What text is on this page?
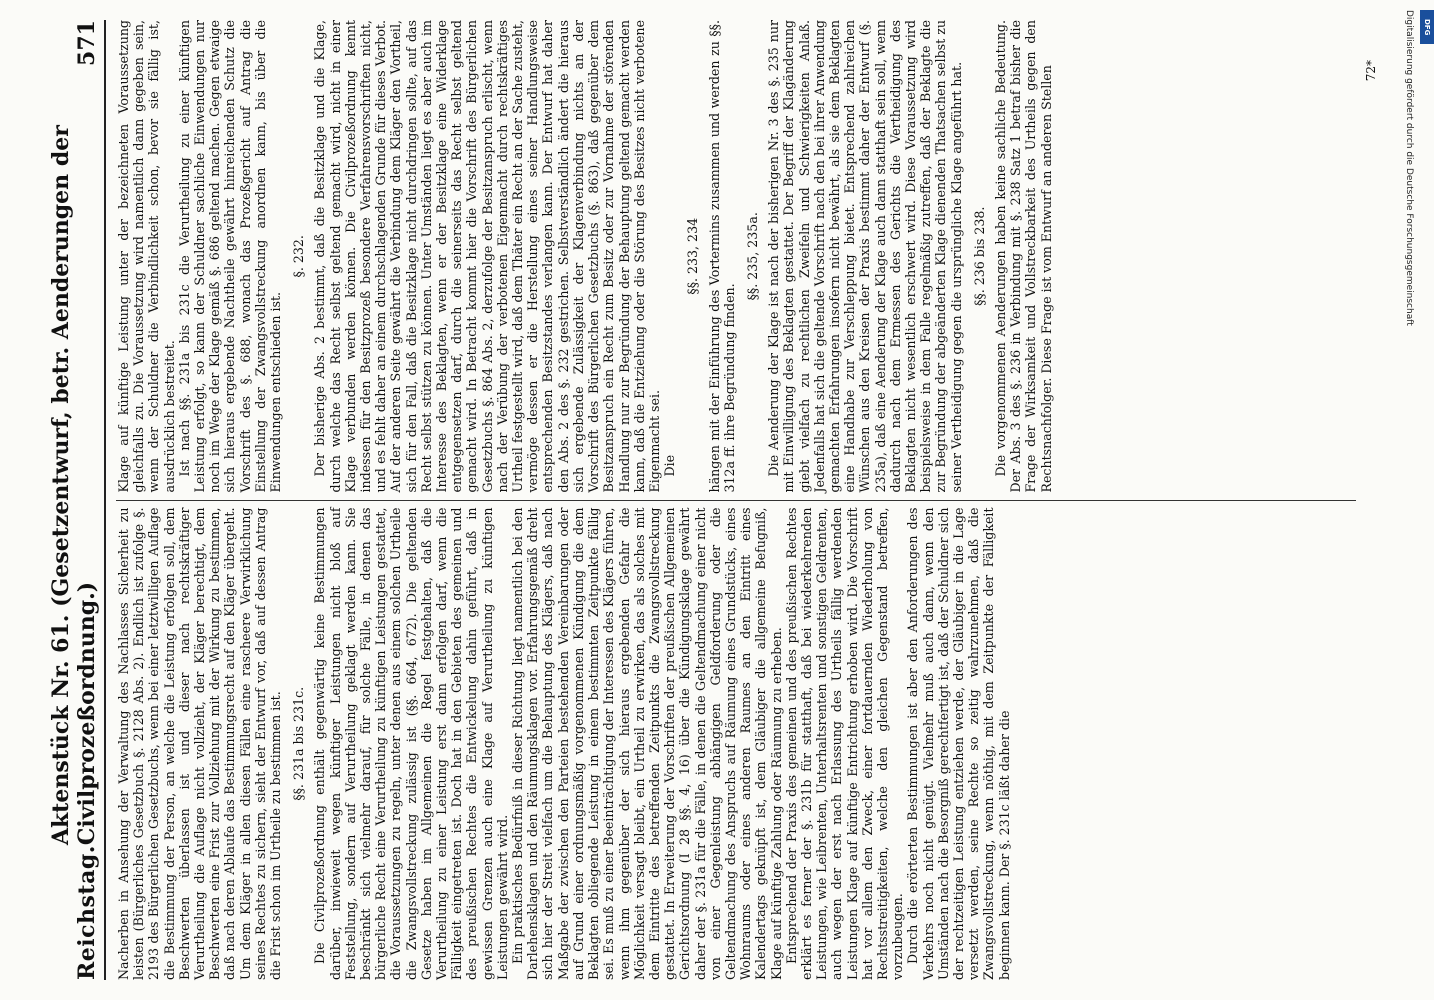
Reichstag.
Aktenstück Nr. 61. (Gesetzentwurf, betr. Aenderungen der Civilprozeßordnung.)
571

Nacherben in Ansehung der Verwaltung des Nachlasses Sicherheit zu leisten (Bürgerliches Gesetzbuch §. 2128 Abs. 2). Endlich ist zufolge §. 2193 des Bürgerlichen Gesetzbuchs, wenn bei einer letztwilligen Auflage die Bestimmung der Person, an welche die Leistung erfolgen soll, dem Beschwerten überlassen ist und dieser nach rechtskräftiger Verurtheilung die Auflage nicht vollzieht, der Kläger berechtigt, dem Beschwerten eine Frist zur Vollziehung mit der Wirkung zu bestimmen, daß nach deren Ablaufe das Bestimmungsrecht auf den Kläger übergeht. Um dem Kläger in allen diesen Fällen eine rascheere Verwirklichung seines Rechtes zu sichern, sieht der Entwurf vor, daß auf dessen Antrag die Frist schon im Urtheile zu bestimmen ist. §§. 231a bis 231c. Die Civilprozeßordnung enthält gegenwärtig keine Bestimmungen darüber, inwieweit wegen künftiger Leistungen nicht bloß auf Feststellung, sondern auf Verurtheilung geklagt werden kann. Sie beschränkt sich vielmehr darauf, für solche Fälle, in denen das bürgerliche Recht eine Verurtheilung zu künftigen Leistungen gestattet, die Voraussetzungen zu regeln, unter denen aus einem solchen Urtheile die Zwangsvollstreckung zulässig ist (§§. 664, 672). Die geltenden Gesetze haben im Allgemeinen die Regel festgehalten, daß die Verurtheilung zu einer Leistung erst dann erfolgen darf, wenn die Fälligkeit eingetreten ist. Doch hat in den Gebieten des gemeinen und des preußischen Rechtes die Entwickelung dahin geführt, daß in gewissen Grenzen auch eine Klage auf Verurtheilung zu künftigen Leistungen gewährt wird. Ein praktisches Bedürfniß in dieser Richtung liegt namentlich bei den Darlehensklagen und den Räumungsklagen vor. Erfahrungsgemäß dreht sich hier der Streit vielfach um die Behauptung des Klägers, daß nach Maßgabe der zwischen den Parteien bestehenden Vereinbarungen oder auf Grund einer ordnungsmäßig vorgenommenen Kündigung die dem Beklagten obliegende Leistung in einem bestimmten Zeitpunkte fällig sei. Es muß zu einer Beeinträchtigung der Interessen des Klägers führen, wenn ihm gegenüber der sich hieraus ergebenden Gefahr die Möglichkeit versagt bleibt, ein Urtheil zu erwirken, das als solches mit dem Eintritte des betreffenden Zeitpunkts die Zwangsvollstreckung gestattet. In Erweiterung der Vorschriften der preußischen Allgemeinen Gerichtsordnung (I 28 §§. 4, 16) über die Kündigungsklage gewährt daher der §. 231a für die Fälle, in denen die Geltendmachung einer nicht von einer Gegenleistung abhängigen Geldforderung oder die Geltendmachung des Anspruchs auf Räumung eines Grundstücks, eines Wohnraums oder eines anderen Raumes an den Eintritt eines Kalendertags geknüpft ist, dem Gläubiger die allgemeine Befugniß, Klage auf künftige Zahlung oder Räumung zu erheben. Entsprechend der Praxis des gemeinen und des preußischen Rechtes erklärt es ferner der §. 231b für statthaft, daß bei wiederkehrenden Leistungen, wie Leibrenten, Unterhaltsrenten und sonstigen Geldrenten, auch wegen der erst nach Erlassung des Urtheils fällig werdenden Leistungen Klage auf künftige Entrichtung erhoben wird. Die Vorschrift hat vor allem den Zweck, einer fortdauernden Wiederholung von Rechtsstreitigkeiten, welche den gleichen Gegenstand betreffen, vorzubeugen. Durch die erörterten Bestimmungen ist aber den Anforderungen des Verkehrs noch nicht genügt. Vielmehr muß auch dann, wenn den Umständen nach die Besorgniß gerechtfertigt ist, daß der Schuldner sich der rechtzeitigen Leistung entziehen werde, der Gläubiger in die Lage versetzt werden, seine Rechte so zeitig wahrzunehmen, daß die Zwangsvollstreckung, wenn nöthig, mit dem Zeitpunkte der Fälligkeit beginnen kann. Der §. 231c läßt daher die

Klage auf künftige Leistung unter der bezeichneten Voraussetzung gleichfalls zu. Die Voraussetzung wird namentlich dann gegeben sein, wenn der Schuldner die Verbindlichkeit schon, bevor sie fällig ist, ausdrücklich bestreitet. Ist nach §§. 231a bis 231c die Verurtheilung zu einer künftigen Leistung erfolgt, so kann der Schuldner sachliche Einwendungen nur noch im Wege der Klage gemäß §. 686 geltend machen. Gegen etwaige sich hieraus ergebende Nachtheile gewährt hinreichenden Schutz die Vorschrift des §. 688, wonach das Prozeßgericht auf Antrag die Einstellung der Zwangsvollstreckung anordnen kann, bis über die Einwendungen entschieden ist.

§. 232. Der bisherige Abs. 2 bestimmt, daß die Besitzklage und die Klage, durch welche das Recht selbst geltend gemacht wird, nicht in einer Klage verbunden werden können. Die Civilprozeßordnung kennt indessen für den Besitzprozeß besondere Verfahrensvorschriften nicht, und es fehlt daher an einem durchschlagenden Grunde für dieses Verbot. Auf der anderen Seite gewährt die Verbindung dem Kläger den Vortheil, sich für den Fall, daß die Besitzklage nicht durchdringen sollte, auf das Recht selbst stützen zu können. Unter Umständen liegt es aber auch im Interesse des Beklagten, wenn er der Besitzklage eine Widerklage entgegensetzen darf, durch die seinerseits das Recht selbst geltend gemacht wird. In Betracht kommt hier die Vorschrift des Bürgerlichen Gesetzbuchs §. 864 Abs. 2, derzufolge der Besitzanspruch erlischt, wenn nach der Verübung der verbotenen Eigenmacht durch rechtskräftiges Urtheil festgestellt wird, daß dem Thäter ein Recht an der Sache zusteht, vermöge dessen er die Herstellung eines seiner Handlungsweise entsprechenden Besitzstandes verlangen kann. Der Entwurf hat daher den Abs. 2 des §. 232 gestrichen. Selbstverständlich ändert die hieraus sich ergebende Zulässigkeit der Klagenverbindung nichts an der Vorschrift des Bürgerlichen Gesetzbuchs (§. 863), daß gegenüber dem Besitzanspruch ein Recht zum Besitz oder zur Vornahme der störenden Handlung nur zur Begründung der Behauptung geltend gemacht werden kann, daß die Entziehung oder die Störung des Besitzes nicht verbotene Eigenmacht sei. Die

§§. 233, 234 hängen mit der Einführung des Vortermins zusammen und werden zu §§. 312a ff. ihre Begründung finden.

§§. 235, 235a. Die Aenderung der Klage ist nach der bisherigen Nr. 3 des §. 235 nur mit Einwilligung des Beklagten gestattet. Der Begriff der Klagänderung giebt vielfach zu rechtlichen Zweifeln und Schwierigkeiten Anlaß. Jedenfalls hat sich die geltende Vorschrift nach den bei ihrer Anwendung gemachten Erfahrungen insofern nicht bewährt, als sie dem Beklagten eine Handhabe zur Verschleppung bietet. Entsprechend zahlreichen Wünschen aus den Kreisen der Praxis bestimmt daher der Entwurf (§. 235a), daß eine Aenderung der Klage auch dann statthaft sein soll, wenn dadurch nach dem Ermessen des Gerichts die Vertheidigung des Beklagten nicht wesentlich erschwert wird. Diese Voraussetzung wird beispielsweise in dem Falle regelmäßig zutreffen, daß der Beklagte die zur Begründung der abgeänderten Klage dienenden Thatsachen selbst zu seiner Vertheidigung gegen die ursprüngliche Klage angeführt hat. §§. 236 bis 238. Die vorgenommenen Aenderungen haben keine sachliche Bedeutung. Der Abs. 3 des §. 236 in Verbindung mit §. 238 Satz 1 betraf bisher die Frage der Wirksamkeit und Vollstreckbarkeit des Urtheils gegen den Rechtsnachfolger. Diese Frage ist vom Entwurf an anderen Stellen	72*	Digitalisierung gefördert durch die Deutsche Forschungsgemeinschaft	DFG
